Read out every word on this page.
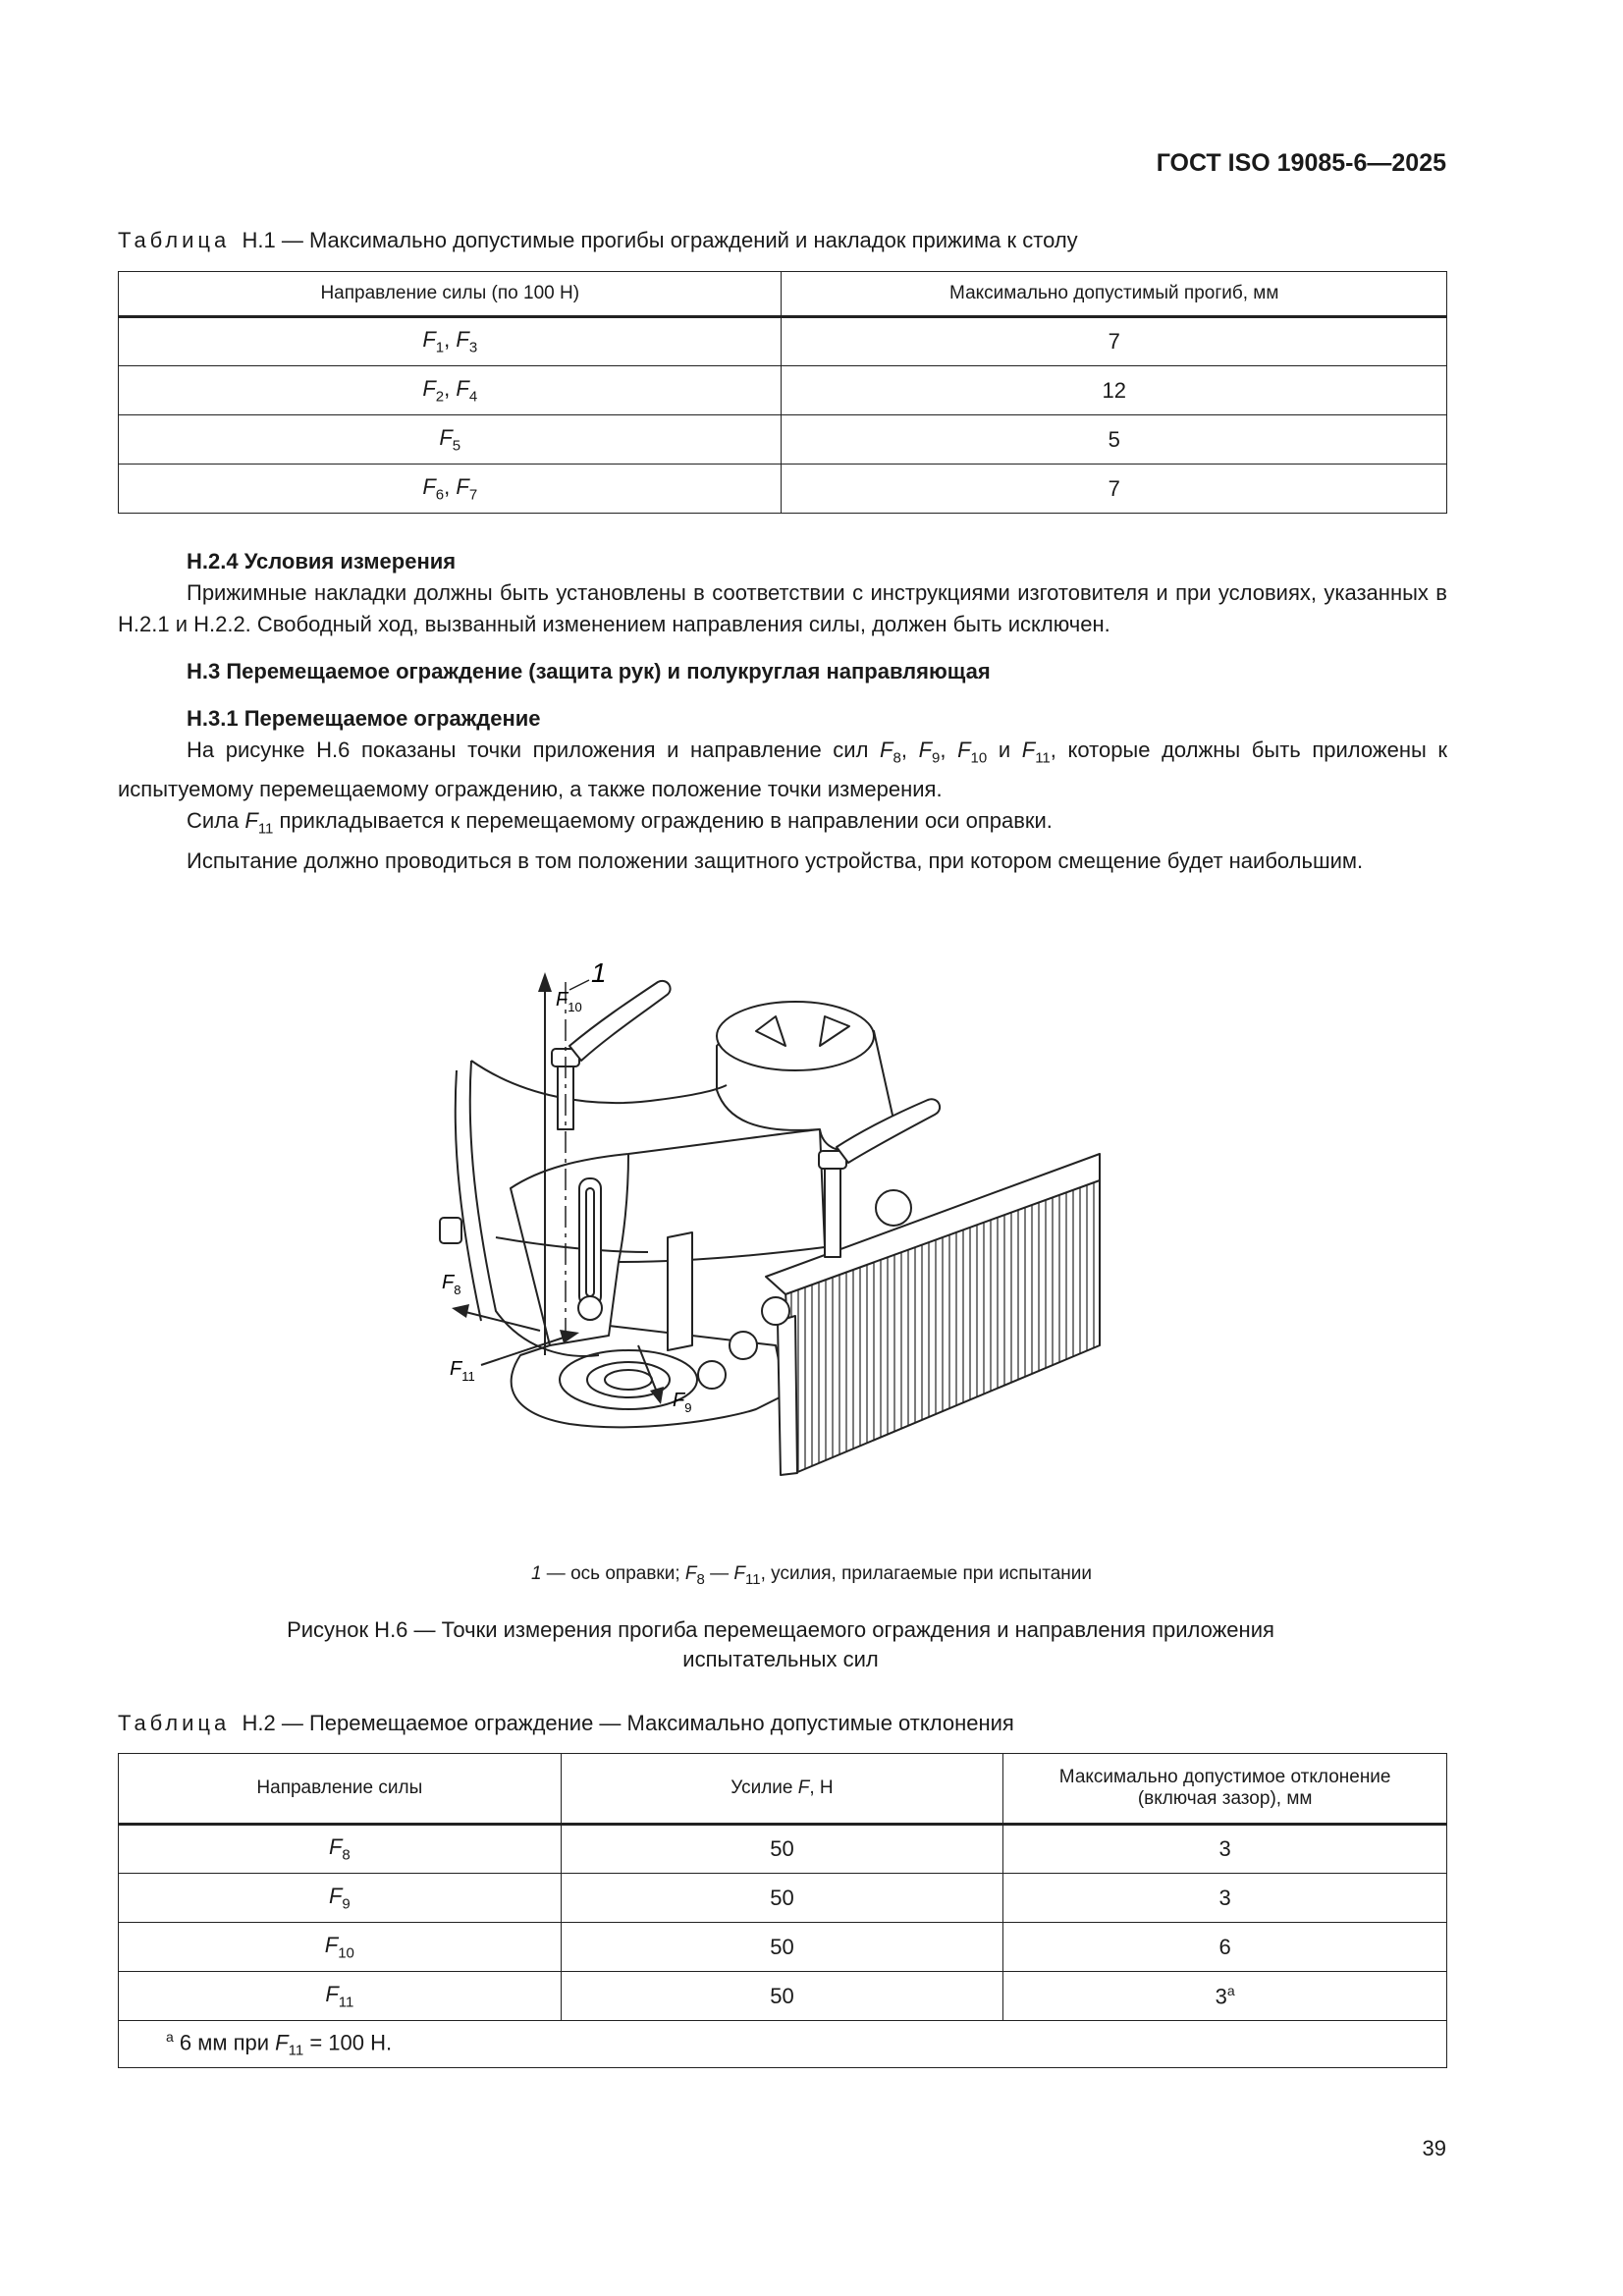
ГОСТ ISO 19085-6—2025
Таблица H.1 — Максимально допустимые прогибы ограждений и накладок прижима к столу
Направление силы (по 100 Н)	Максимально допустимый прогиб, мм
$F_1$, $F_3$	7
$F_2$, $F_4$	12
$F_5$	5
$F_6$, $F_7$	7
H.2.4 Условия измерения

Прижимные накладки должны быть установлены в соответствии с инструкциями изготовителя и при условиях, указанных в H.2.1 и H.2.2. Свободный ход, вызванный изменением направления силы, должен быть исключен.

H.3 Перемещаемое ограждение (защита рук) и полукруглая направляющая
H.3.1 Перемещаемое ограждение

На рисунке H.6 показаны точки приложения и направление сил $F_8$, $F_9$, $F_{10}$ и $F_{11}$, которые должны быть приложены к испытуемому перемещаемому ограждению, а также положение точки измерения.

Сила $F_{11}$ прикладывается к перемещаемому ограждению в направлении оси оправки.

Испытание должно проводиться в том положении защитного устройства, при котором смещение будет наибольшим.

1
$F_{10}$
$F_8$
$F_{11}$
$F_9$
1 — ось оправки; $F_8$ — $F_{11}$, усилия, прилагаемые при испытании
Рисунок H.6 — Точки измерения прогиба перемещаемого ограждения и направления приложения
испытательных сил
Таблица H.2 — Перемещаемое ограждение — Максимально допустимые отклонения
Направление силы	Усилие F, Н	Максимально допустимое отклонение
(включая зазор), мм

$F_8$	50	3
$F_9$	50	3
$F_{10}$	50	6
$F_{11}$	50	3$^a$
$^a$ 6 мм при $F_{11} = 100$ Н.		
39
